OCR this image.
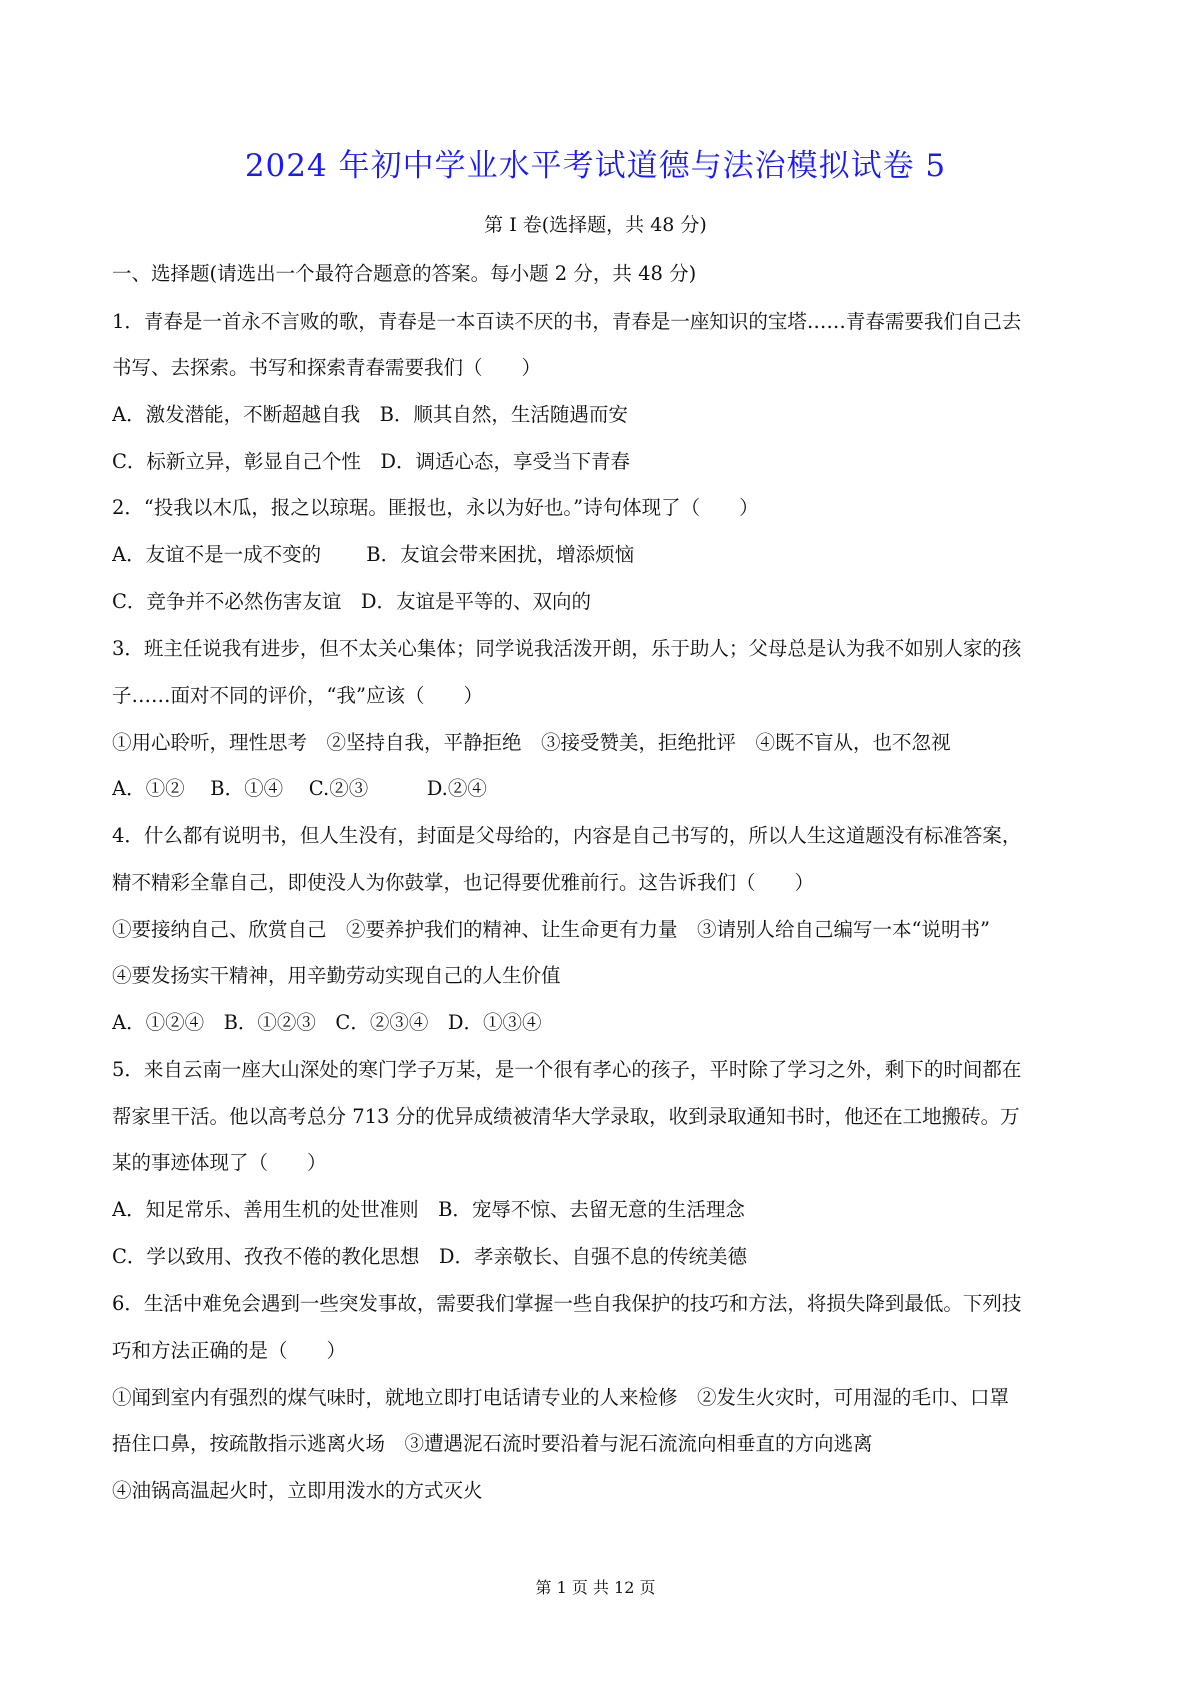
2024 年初中学业水平考试道德与法治模拟试卷 5
第 I 卷(选择题，共 48 分)
一、选择题(请选出一个最符合题意的答案。每小题 2 分，共 48 分)
1．青春是一首永不言败的歌，青春是一本百读不厌的书，青春是一座知识的宝塔……青春需要我们自己去
书写、去探索。书写和探索青春需要我们（　　）
A．激发潜能，不断超越自我　B．顺其自然，生活随遇而安
C．标新立异，彰显自己个性　D．调适心态，享受当下青春
2．“投我以木瓜，报之以琼琚。匪报也，永以为好也。”诗句体现了（　　）
A．友谊不是一成不变的　　 B．友谊会带来困扰，增添烦恼
C．竞争并不必然伤害友谊　D．友谊是平等的、双向的
3．班主任说我有进步，但不太关心集体；同学说我活泼开朗，乐于助人；父母总是认为我不如别人家的孩
子……面对不同的评价，“我”应该（　　）
①用心聆听，理性思考　②坚持自我，平静拒绝　③接受赞美，拒绝批评　④既不盲从，也不忽视
A．①②　 B．①④　 C.②③　　　D.②④
4．什么都有说明书，但人生没有，封面是父母给的，内容是自己书写的，所以人生这道题没有标准答案，
精不精彩全靠自己，即使没人为你鼓掌，也记得要优雅前行。这告诉我们（　　）
①要接纳自己、欣赏自己　②要养护我们的精神、让生命更有力量　③请别人给自己编写一本“说明书”
④要发扬实干精神，用辛勤劳动实现自己的人生价值
A．①②④　B．①②③　C．②③④　D．①③④
5．来自云南一座大山深处的寒门学子万某，是一个很有孝心的孩子，平时除了学习之外，剩下的时间都在
帮家里干活。他以高考总分 713 分的优异成绩被清华大学录取，收到录取通知书时，他还在工地搬砖。万
某的事迹体现了（　　）
A．知足常乐、善用生机的处世准则　B．宠辱不惊、去留无意的生活理念
C．学以致用、孜孜不倦的教化思想　D．孝亲敬长、自强不息的传统美德
6．生活中难免会遇到一些突发事故，需要我们掌握一些自我保护的技巧和方法，将损失降到最低。下列技
巧和方法正确的是（　　）
①闻到室内有强烈的煤气味时，就地立即打电话请专业的人来检修　②发生火灾时，可用湿的毛巾、口罩
捂住口鼻，按疏散指示逃离火场　③遭遇泥石流时要沿着与泥石流流向相垂直的方向逃离
④油锅高温起火时，立即用泼水的方式灭火
第 1 页 共 12 页
